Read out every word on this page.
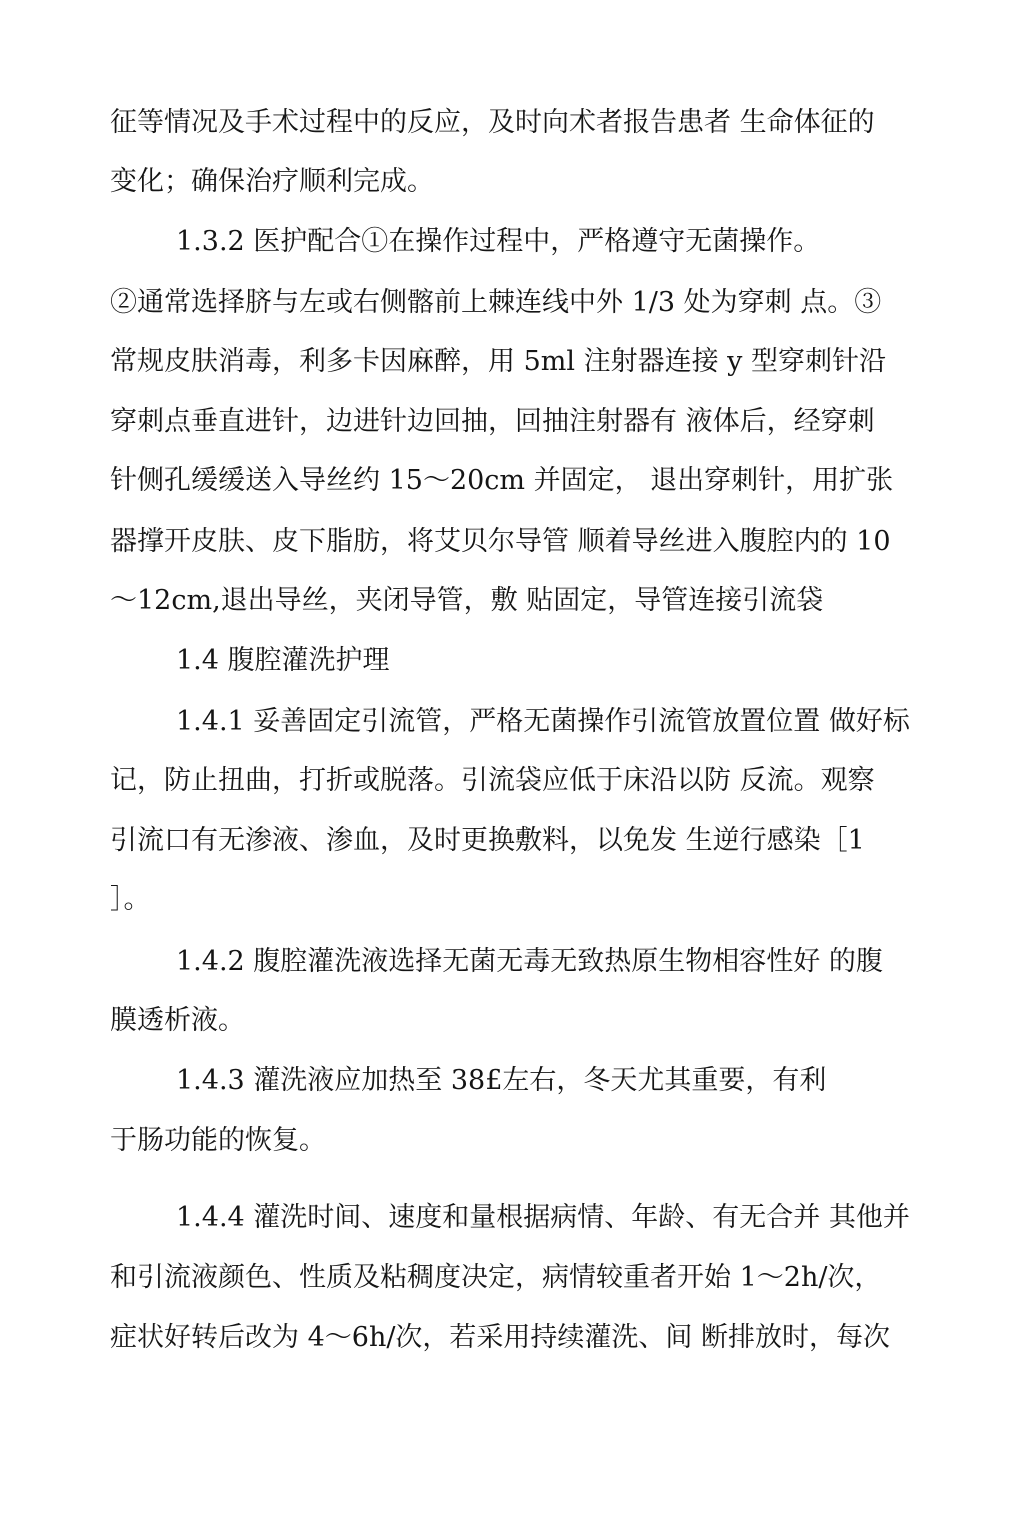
征等情况及手术过程中的反应，及时向术者报告患者 生命体征的
变化；确保治疗顺利完成。
1.3.2 医护配合①在操作过程中，严格遵守无菌操作。
②通常选择脐与左或右侧髂前上棘连线中外 1/3 处为穿刺 点。③
常规皮肤消毒，利多卡因麻醉，用 5ml 注射器连接 y 型穿刺针沿
穿刺点垂直进针，边进针边回抽，回抽注射器有 液体后，经穿刺
针侧孔缓缓送入导丝约 15～20cm 并固定， 退出穿刺针，用扩张
器撑开皮肤、皮下脂肪，将艾贝尔导管 顺着导丝进入腹腔内的 10
～12cm,退出导丝，夹闭导管，敷 贴固定，导管连接引流袋
1.4 腹腔灌洗护理
1.4.1 妥善固定引流管，严格无菌操作引流管放置位置 做好标
记，防止扭曲，打折或脱落。引流袋应低于床沿以防 反流。观察
引流口有无渗液、渗血，及时更换敷料，以免发 生逆行感染［1
］。
1.4.2 腹腔灌洗液选择无菌无毒无致热原生物相容性好 的腹
膜透析液。
1.4.3 灌洗液应加热至 38£左右，冬天尤其重要，有利
于肠功能的恢复。
1.4.4 灌洗时间、速度和量根据病情、年龄、有无合并 其他并
和引流液颜色、性质及粘稠度决定，病情较重者开始 1～2h/次，
症状好转后改为 4～6h/次，若采用持续灌洗、间 断排放时，每次
